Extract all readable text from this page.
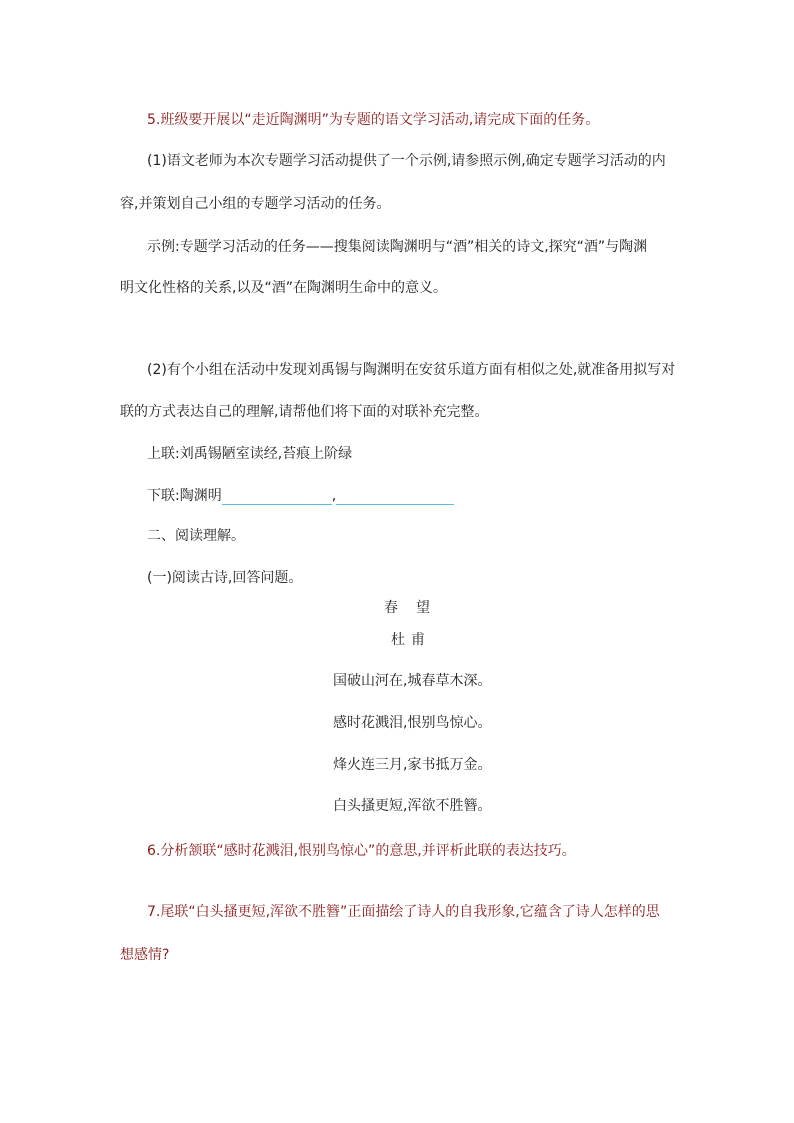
5.班级要开展以“走近陶渊明”为专题的语文学习活动,请完成下面的任务。
(1)语文老师为本次专题学习活动提供了一个示例,请参照示例,确定专题学习活动的内
容,并策划自己小组的专题学习活动的任务。
示例:专题学习活动的任务——搜集阅读陶渊明与“酒”相关的诗文,探究“酒”与陶渊
明文化性格的关系,以及“酒”在陶渊明生命中的意义。
(2)有个小组在活动中发现刘禹锡与陶渊明在安贫乐道方面有相似之处,就准备用拟写对
联的方式表达自己的理解,请帮他们将下面的对联补充完整。
上联:刘禹锡陋室读经,苔痕上阶绿
下联:陶渊明	,
二、阅读理解。
(一)阅读古诗,回答问题。
春望
杜甫
国破山河在,城春草木深。
感时花溅泪,恨别鸟惊心。
烽火连三月,家书抵万金。
白头搔更短,浑欲不胜簪。
6.分析颔联“感时花溅泪,恨别鸟惊心”的意思,并评析此联的表达技巧。
7.尾联“白头搔更短,浑欲不胜簪”正面描绘了诗人的自我形象,它蕴含了诗人怎样的思
想感情?
